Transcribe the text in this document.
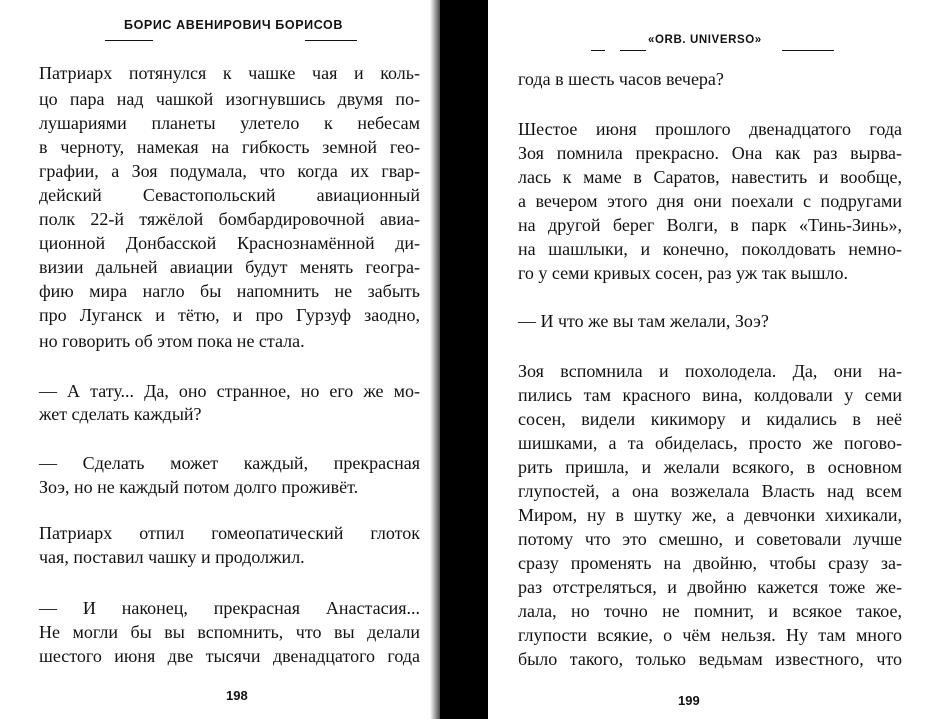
БОРИС АВЕНИРОВИЧ БОРИСОВ
Патриарх потянулся к чашке чая и коль-
цо пара над чашкой изогнувшись двумя по-
лушариями планеты улетело к небесам
в черноту, намекая на гибкость земной гео-
графии, а Зоя подумала, что когда их гвар-
дейский Севастопольский авиационный
полк 22-й тяжёлой бомбардировочной авиа-
ционной Донбасской Краснознамённой ди-
визии дальней авиации будут менять геогра-
фию мира нагло бы напомнить не забыть
про Луганск и тётю, и про Гурзуф заодно,
но говорить об этом пока не стала.
— А тату... Да, оно странное, но его же мо-
жет сделать каждый?
— Сделать может каждый, прекрасная
Зоэ, но не каждый потом долго проживёт.
Патриарх отпил гомеопатический глоток
чая, поставил чашку и продолжил.
— И наконец, прекрасная Анастасия...
Не могли бы вы вспомнить, что вы делали
шестого июня две тысячи двенадцатого года
198
«ORB. UNIVERSO»
года в шесть часов вечера?
Шестое июня прошлого двенадцатого года
Зоя помнила прекрасно. Она как раз вырва-
лась к маме в Саратов, навестить и вообще,
а вечером этого дня они поехали с подругами
на другой берег Волги, в парк «Тинь-Зинь»,
на шашлыки, и конечно, поколдовать немно-
го у семи кривых сосен, раз уж так вышло.
— И что же вы там желали, Зоэ?
Зоя вспомнила и похолодела. Да, они на-
пились там красного вина, колдовали у семи
сосен, видели кикимору и кидались в неё
шишками, а та обиделась, просто же погово-
рить пришла, и желали всякого, в основном
глупостей, а она возжелала Власть над всем
Миром, ну в шутку же, а девчонки хихикали,
потому что это смешно, и советовали лучше
сразу променять на двойню, чтобы сразу за-
раз отстреляться, и двойню кажется тоже же-
лала, но точно не помнит, и всякое такое,
глупости всякие, о чём нельзя. Ну там много
было такого, только ведьмам известного, что
199
